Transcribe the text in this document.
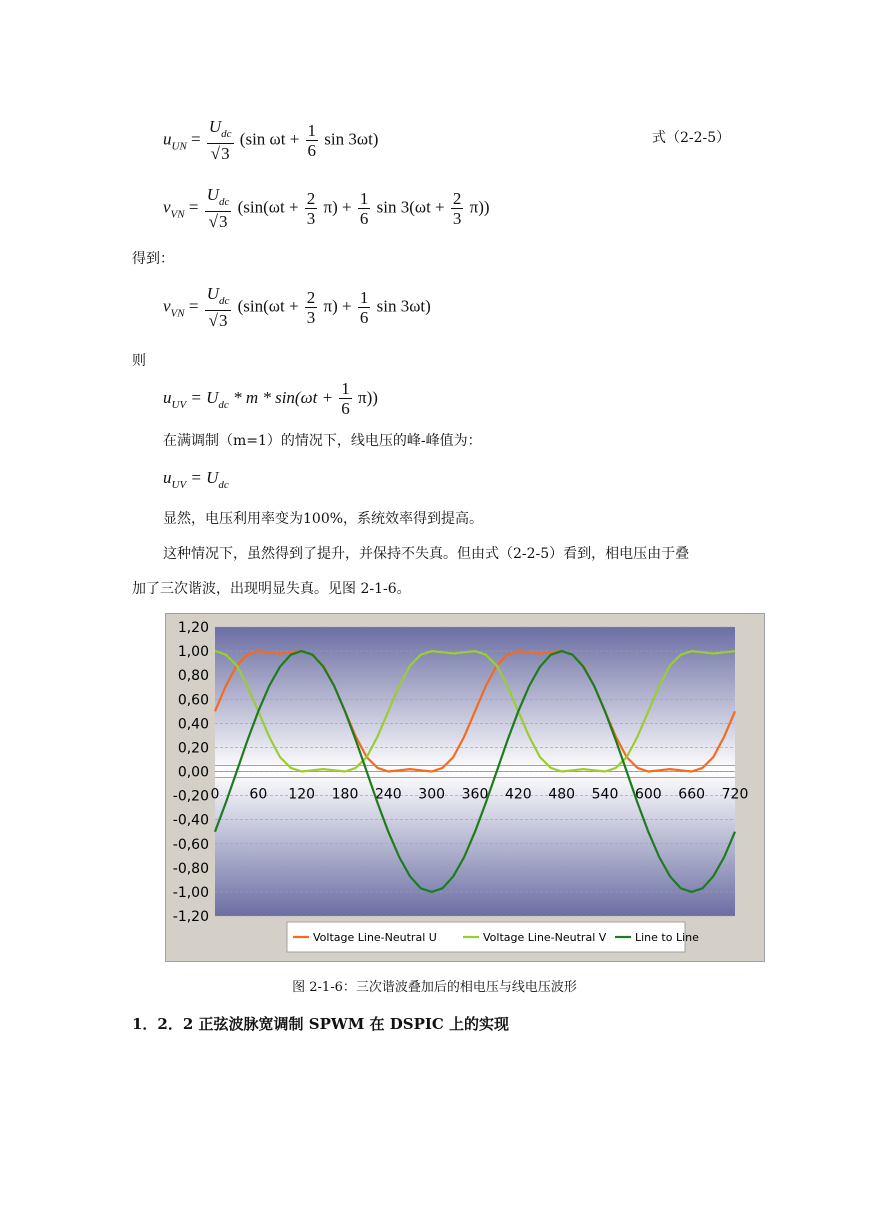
$u_{UN} = \frac{U_{dc}}{√3} (\sin$ $\omega t + \frac{1}{6}$ sin 3ωt)	式（2-2-5）
$v_{VN} = \frac{U_{dc}}{√3} (\sin(\omega t + \frac{2}{3} \pi) + \frac{1}{6}$ $\sin 3(\omega t + \frac{2}{3} \pi)$)
得到：
$v_{VN} = \frac{U_{dc}}{√3} (\sin(\omega t + \frac{2}{3} \pi) + \frac{1}{6}$ sin 3ωt)
则
$u_{UV} = U_{dc} * m * \sin(\omega t + \frac{1}{6} \pi)$)
在满调制（m=1）的情况下，线电压的峰-峰值为：
$u_{UV} = U_{dc}$
显然，电压利用率变为100%，系统效率得到提高。
这种情况下，虽然得到了提升，并保持不失真。但由式（2-2-5）看到，相电压由于叠
加了三次谐波，出现明显失真。见图 2-1-6。
1,20
1,00
0,80
0,60
0,40
0,20
0,00
-0,20
-0,40
-0,60
-0,80
-1,00
-1,20
0 60 120 180 240 300 360 420 480 540 600 660 720
Voltage Line-Neutral U	Voltage Line-Neutral V	Line to Line
图 2-1-6：三次谐波叠加后的相电压与线电压波形
1．2．2 正弦波脉宽调制 SPWM 在 DSPIC 上的实现
